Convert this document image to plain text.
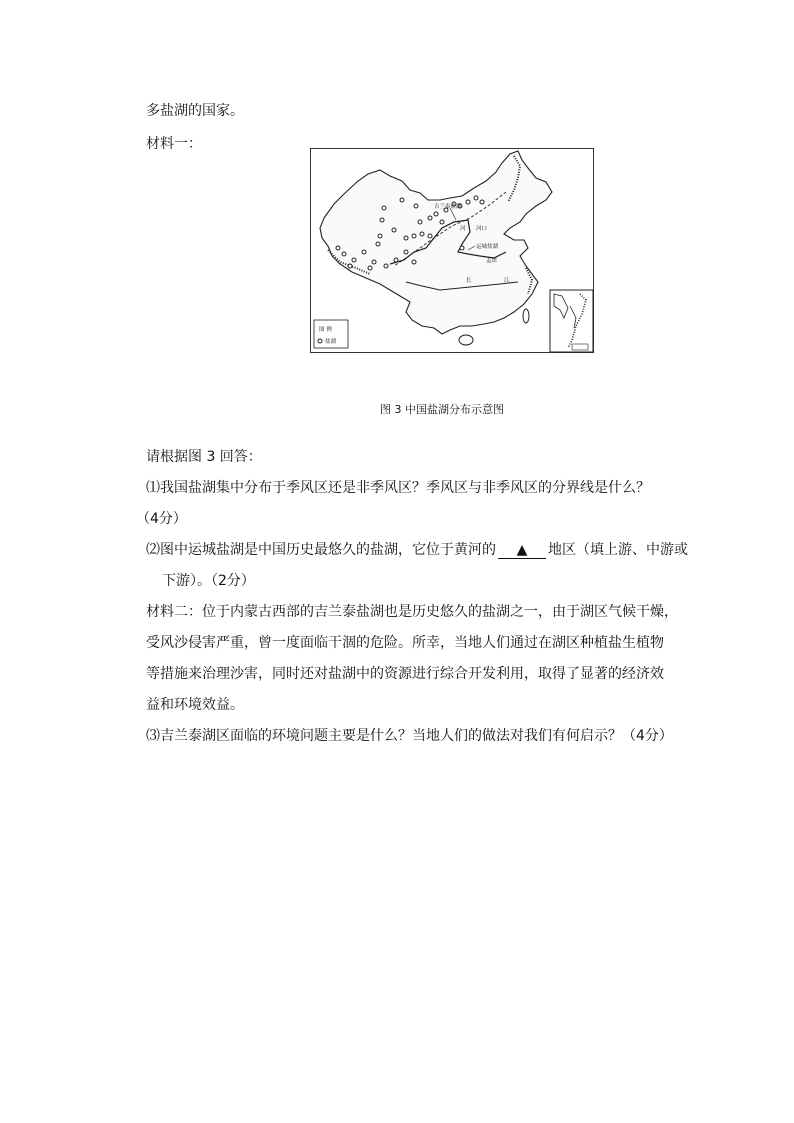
多盐湖的国家。
材料一：
吉兰泰盐湖
河 河口
运城盐湖
孟津
长	江
图 例
盐湖
图 3 中国盐湖分布示意图
请根据图 3 回答：
⑴我国盐湖集中分布于季风区还是非季风区？季风区与非季风区的分界线是什么？
（4分）
⑵图中运城盐湖是中国历史最悠久的盐湖，它位于黄河的 ▲ 地区（填上游、中游或
下游）。（2分）
材料二：位于内蒙古西部的吉兰泰盐湖也是历史悠久的盐湖之一，由于湖区气候干燥，
受风沙侵害严重，曾一度面临干涸的危险。所幸，当地人们通过在湖区种植盐生植物
等措施来治理沙害，同时还对盐湖中的资源进行综合开发利用，取得了显著的经济效
益和环境效益。
⑶吉兰泰湖区面临的环境问题主要是什么？当地人们的做法对我们有何启示？（4分）
